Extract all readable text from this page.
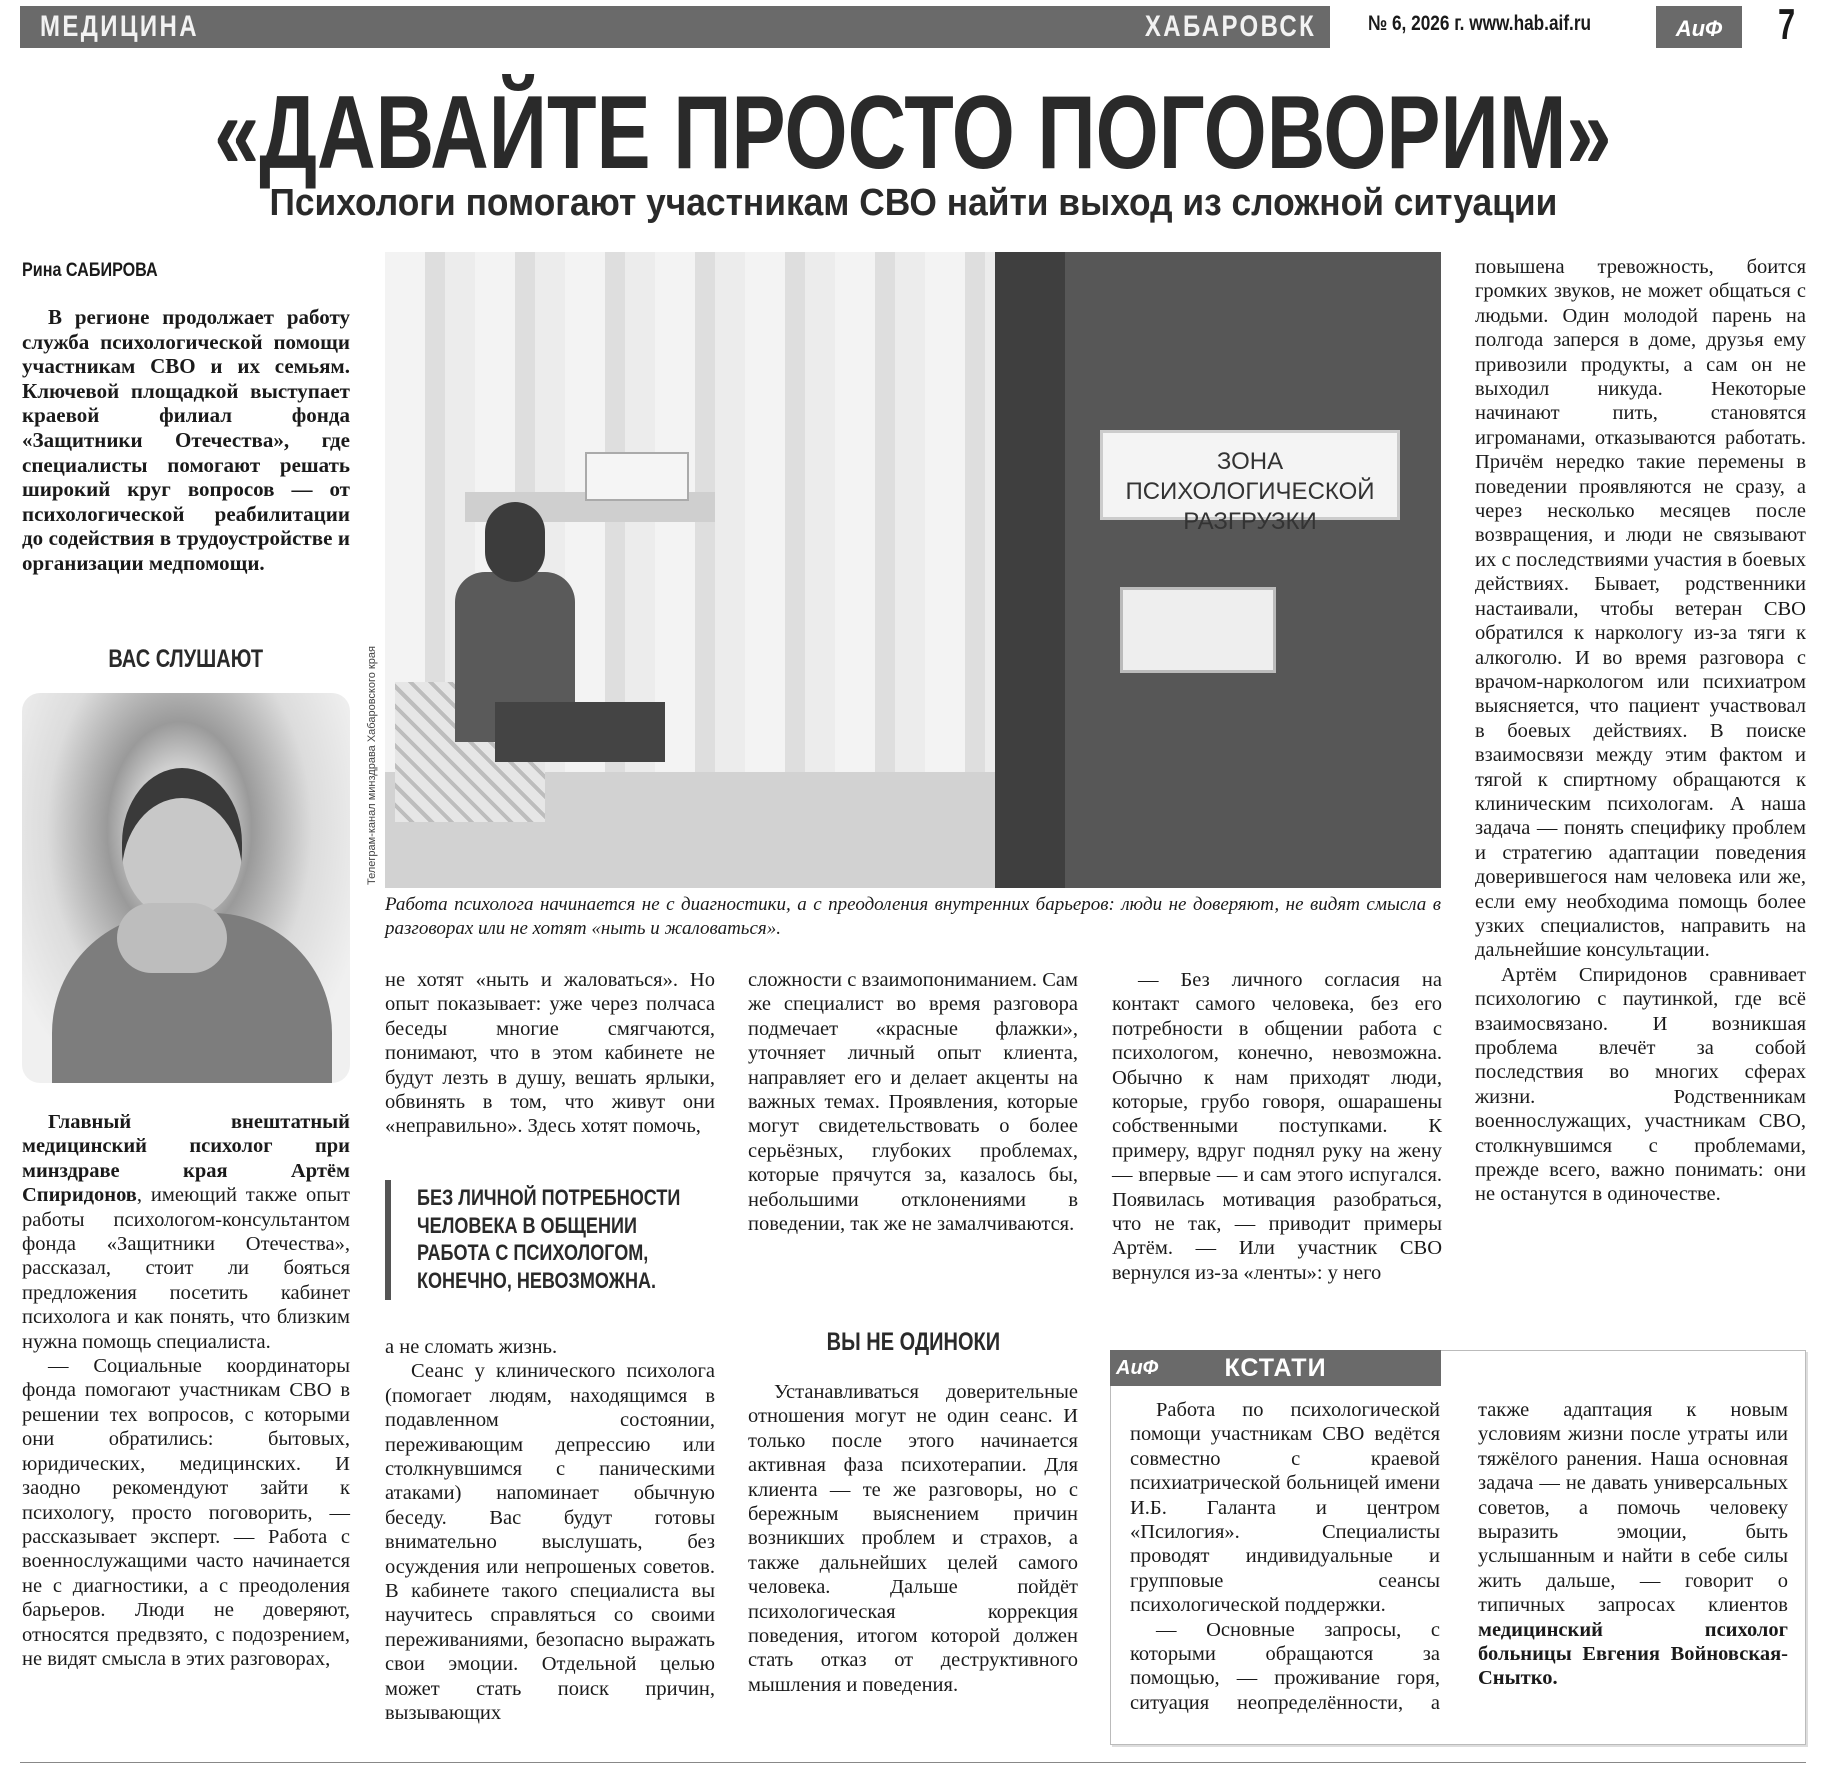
МЕДИЦИНА	ХАБАРОВСК № 6, 2026 г. www.hab.aif.ru	АиФ	7
«ДАВАЙТЕ ПРОСТО ПОГОВОРИМ»
Психологи помогают участникам СВО найти выход из сложной ситуации
Рина САБИРОВА

В регионе продолжает работу служба психологической помощи участникам СВО и их семьям. Ключевой площадкой выступает краевой филиал фонда «Защитники Отечества», где специалисты помогают решать широкий круг вопросов — от психологической реабилитации до содействия в трудоустройстве и организации медпомощи.

ВАС СЛУШАЮТ

Главный внештатный медицинский психолог при минздраве края Артём Спиридонов, имеющий также опыт работы психологом-консультантом фонда «Защитники Отечества», рассказал, стоит ли бояться предложения посетить кабинет психолога и как понять, что близким нужна помощь специалиста.

— Социальные координаторы фонда помогают участникам СВО в решении тех вопросов, с которыми они обратились: бытовых, юридических, медицинских. И заодно рекомендуют зайти к психологу, просто поговорить, — рассказывает эксперт. — Работа с военнослужащими часто начинается не с диагностики, а с преодоления барьеров. Люди не доверяют, относятся предвзято, с подозрением, не видят смысла в этих разговорах,

ЗОНА ПСИХОЛОГИЧЕСКОЙ РАЗГРУЗКИ
Телеграм-канал минздрава Хабаровского края
Работа психолога начинается не с диагностики, а с преодоления внутренних барьеров: люди не доверяют, не видят смысла в разговорах или не хотят «ныть и жаловаться».

не хотят «ныть и жаловаться». Но опыт показывает: уже через полчаса беседы многие смягчаются, понимают, что в этом кабинете не будут лезть в душу, вешать ярлыки, обвинять в том, что живут они «неправильно». Здесь хотят помочь,

БЕЗ ЛИЧНОЙ ПОТРЕБНОСТИ
ЧЕЛОВЕКА В ОБЩЕНИИ
РАБОТА С ПСИХОЛОГОМ,
КОНЕЧНО, НЕВОЗМОЖНА.

а не сломать жизнь.

Сеанс у клинического психолога (помогает людям, находящимся в подавленном состоянии, переживающим депрессию или столкнувшимся с паническими атаками) напоминает обычную беседу. Вас будут готовы внимательно выслушать, без осуждения или непрошеных советов. В кабинете такого специалиста вы научитесь справляться со своими переживаниями, безопасно выражать свои эмоции. Отдельной целью может стать поиск причин, вызывающих

сложности с взаимопониманием. Сам же специалист во время разговора подмечает «красные флажки», уточняет личный опыт клиента, направляет его и делает акценты на важных темах. Проявления, которые могут свидетельствовать о более серьёзных, глубоких проблемах, которые прячутся за, казалось бы, небольшими отклонениями в поведении, так же не замалчиваются.

ВЫ НЕ ОДИНОКИ

Устанавливаться доверительные отношения могут не один сеанс. И только после этого начинается активная фаза психотерапии. Для клиента — те же разговоры, но с бережным выяснением причин возникших проблем и страхов, а также дальнейших целей самого человека. Дальше пойдёт психологическая коррекция поведения, итогом которой должен стать отказ от деструктивного мышления и поведения.

— Без личного согласия на контакт самого человека, без его потребности в общении работа с психологом, конечно, невозможна. Обычно к нам приходят люди, которые, грубо говоря, ошарашены собственными поступками. К примеру, вдруг поднял руку на жену — впервые — и сам этого испугался. Появилась мотивация разобраться, что не так, — приводит примеры Артём. — Или участник СВО вернулся из-за «ленты»: у него

повышена тревожность, боится громких звуков, не может общаться с людьми. Один молодой парень на полгода заперся в доме, друзья ему привозили продукты, а сам он не выходил никуда. Некоторые начинают пить, становятся игроманами, отказываются работать. Причём нередко такие перемены в поведении проявляются не сразу, а через несколько месяцев после возвращения, и люди не связывают их с последствиями участия в боевых действиях. Бывает, родственники настаивали, чтобы ветеран СВО обратился к наркологу из-за тяги к алкоголю. И во время разговора с врачом-наркологом или психиатром выясняется, что пациент участвовал в боевых действиях. В поиске взаимосвязи между этим фактом и тягой к спиртному обращаются к клиническим психологам. А наша задача — понять специфику проблем и стратегию адаптации поведения доверившегося нам человека или же, если ему необходима помощь более узких специалистов, направить на дальнейшие консультации.

Артём Спиридонов сравнивает психологию с паутинкой, где всё взаимосвязано. И возникшая проблема влечёт за собой последствия во многих сферах жизни. Родственникам военнослужащих, участникам СВО, столкнувшимся с проблемами, прежде всего, важно понимать: они не останутся в одиночестве.

АиФ	КСТАТИ

Работа по психологической помощи участникам СВО ведётся совместно с краевой психиатрической больницей имени И.Б. Галанта и центром «Псилогия». Специалисты проводят индивидуальные и групповые сеансы психологической поддержки.

— Основные запросы, с которыми обращаются за помощью, — проживание горя, ситуация неопределённости, а также адаптация к новым условиям жизни после утраты или тяжёлого ранения. Наша основная задача — не давать универсальных советов, а помочь человеку выразить эмоции, быть услышанным и найти в себе силы жить дальше, — говорит о типичных запросах клиентов медицинский психолог больницы Евгения Войновская-Снытко.
